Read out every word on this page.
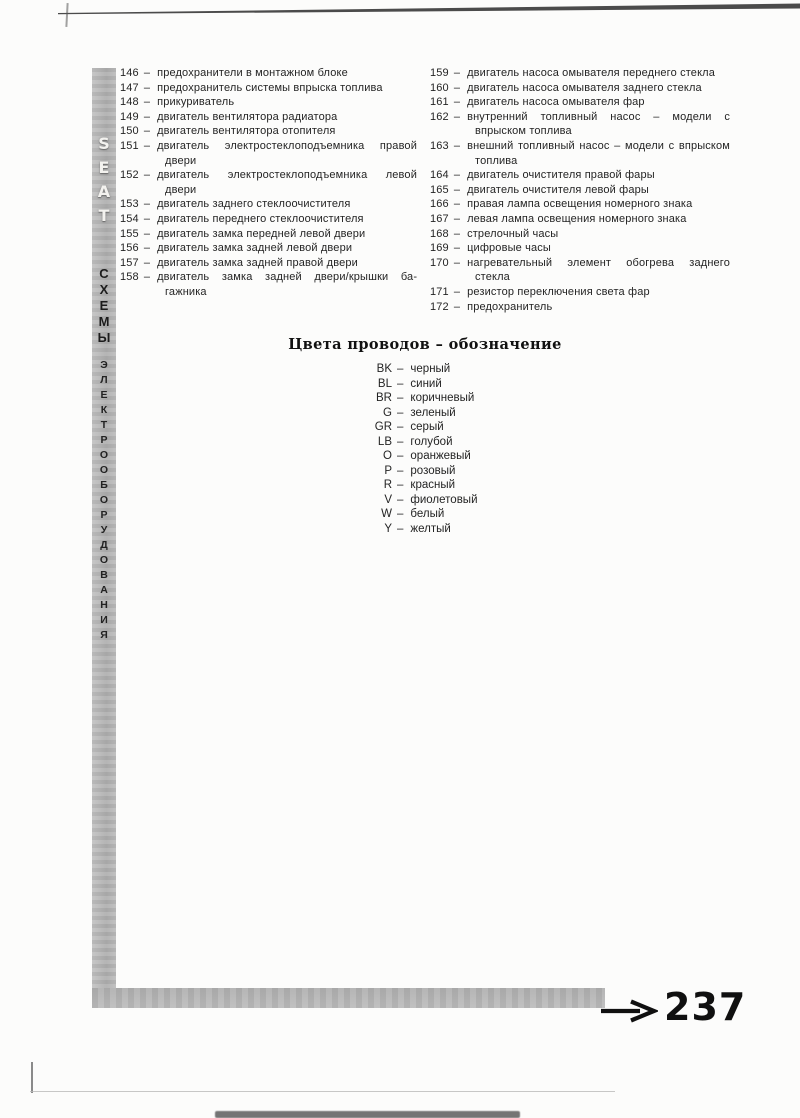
S
E
A
T
С
Х
Е
М
Ы
Э
Л
Е
К
Т
Р
О
О
Б
О
Р
У
Д
О
В
А
Н
И
Я

146 – предохранители в монтажном блоке

147 – предохранитель системы впрыска топлива

148 – прикуриватель

149 – двигатель вентилятора радиатора

150 – двигатель вентилятора отопителя

151 – двигатель электростеклоподъемника правой двери

152 – двигатель электростеклоподъемника левой двери

153 – двигатель заднего стеклоочистителя

154 – двигатель переднего стеклоочистителя

155 – двигатель замка передней левой двери

156 – двигатель замка задней левой двери

157 – двигатель замка задней правой двери

158 – двигатель замка задней двери/крышки багажника

159 – двигатель насоса омывателя переднего стекла

160 – двигатель насоса омывателя заднего стекла

161 – двигатель насоса омывателя фар

162 – внутренний топливный насос – модели с впрыском топлива

163 – внешний топливный насос – модели с впрыском топлива

164 – двигатель очистителя правой фары

165 – двигатель очистителя левой фары

166 – правая лампа освещения номерного знака

167 – левая лампа освещения номерного знака

168 – стрелочный часы

169 – цифровые часы

170 – нагревательный элемент обогрева заднего стекла

171 – резистор переключения света фар

172 – предохранитель

Цвета проводов – обозначение

BK – черный

BL – синий

BR – коричневый

G – зеленый

GR – серый

LB – голубой

O – оранжевый

P – розовый

R – красный

V – фиолетовый

W – белый

Y – желтый

237
